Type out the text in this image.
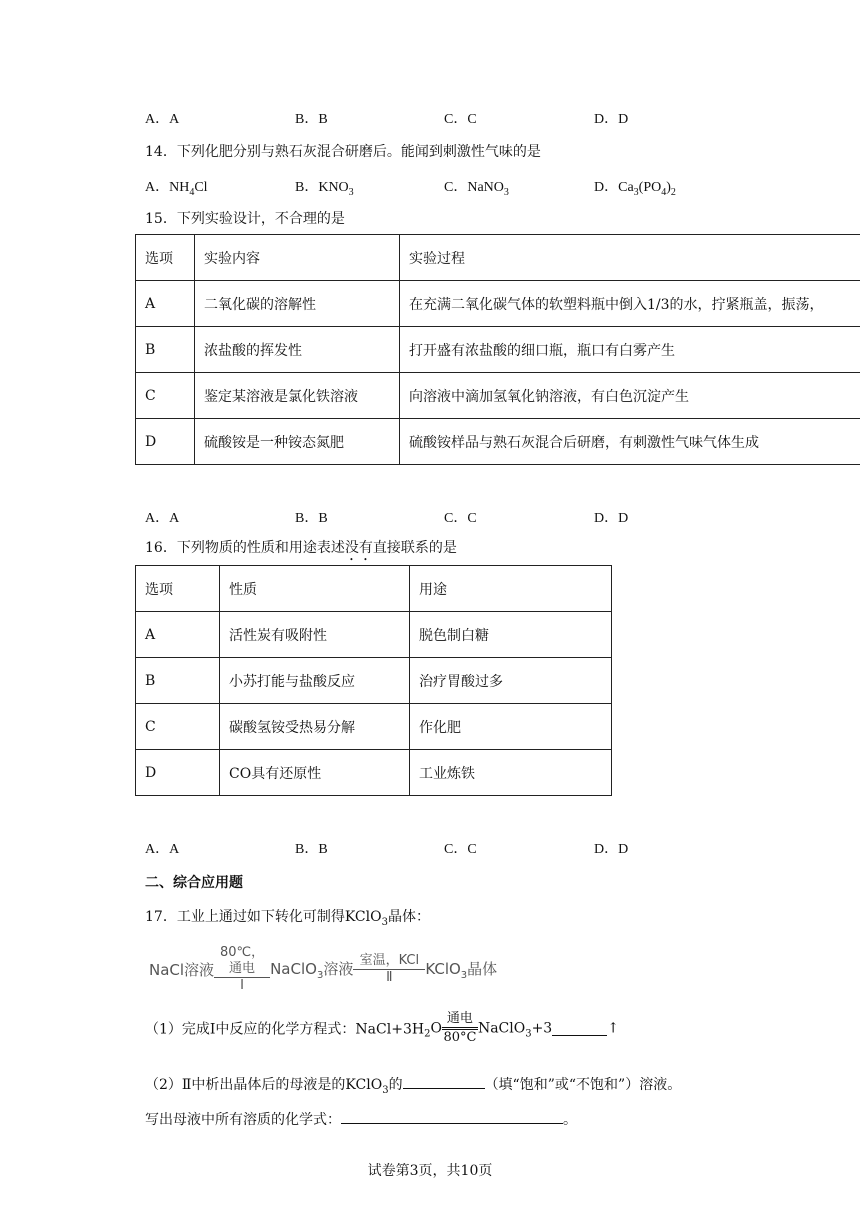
A．A	B．B	C．C	D．D
14．下列化肥分别与熟石灰混合研磨后。能闻到刺激性气味的是
A．$NH_4Cl$	B．$KNO_3$	C．NaNO$_3$	D．$Ca_3(PO_4)_2$
15．下列实验设计，不合理的是
选项	实验内容	实验过程
A	二氧化碳的溶解性	在充满二氧化碳气体的软塑料瓶中倒入1/3的水，拧紧瓶盖，振荡，
B	浓盐酸的挥发性	打开盛有浓盐酸的细口瓶，瓶口有白雾产生
C	鉴定某溶液是氯化铁溶液	向溶液中滴加氢氧化钠溶液，有白色沉淀产生
D	硫酸铵是一种铵态氮肥	硫酸铵样品与熟石灰混合后研磨，有刺激性气味气体生成
A．A	B．B	C．C	D．D
16．下列物质的性质和用途表述没有直接联系的是
选项	性质	用途
A	活性炭有吸附性	脱色制白糖
B	小苏打能与盐酸反应	治疗胃酸过多
C	碳酸氢铵受热易分解	作化肥
D	CO具有还原性	工业炼铁
A．A	B．B	C．C	D．D
二、综合应用题
17．工业上通过如下转化可制得KClO$_3$晶体：
NaCl溶液 $\frac{\text{80℃，通电}}{\text{Ⅰ}}$ NaClO$_3$溶液 $\frac{\text{室温，KCl}}{\text{Ⅱ}}$ KClO$_3$晶体
（1）完成Ⅰ中反应的化学方程式：$NaCl+3H_2O \frac{\text{通电}}{80^\circ C}$ NaClO$_3$+3	↑
（2）Ⅱ中析出晶体后的母液是的KClO$_3$的	（填“饱和”或“不饱和”）溶液。
写出母液中所有溶质的化学式：	。
试卷第3页，共10页
